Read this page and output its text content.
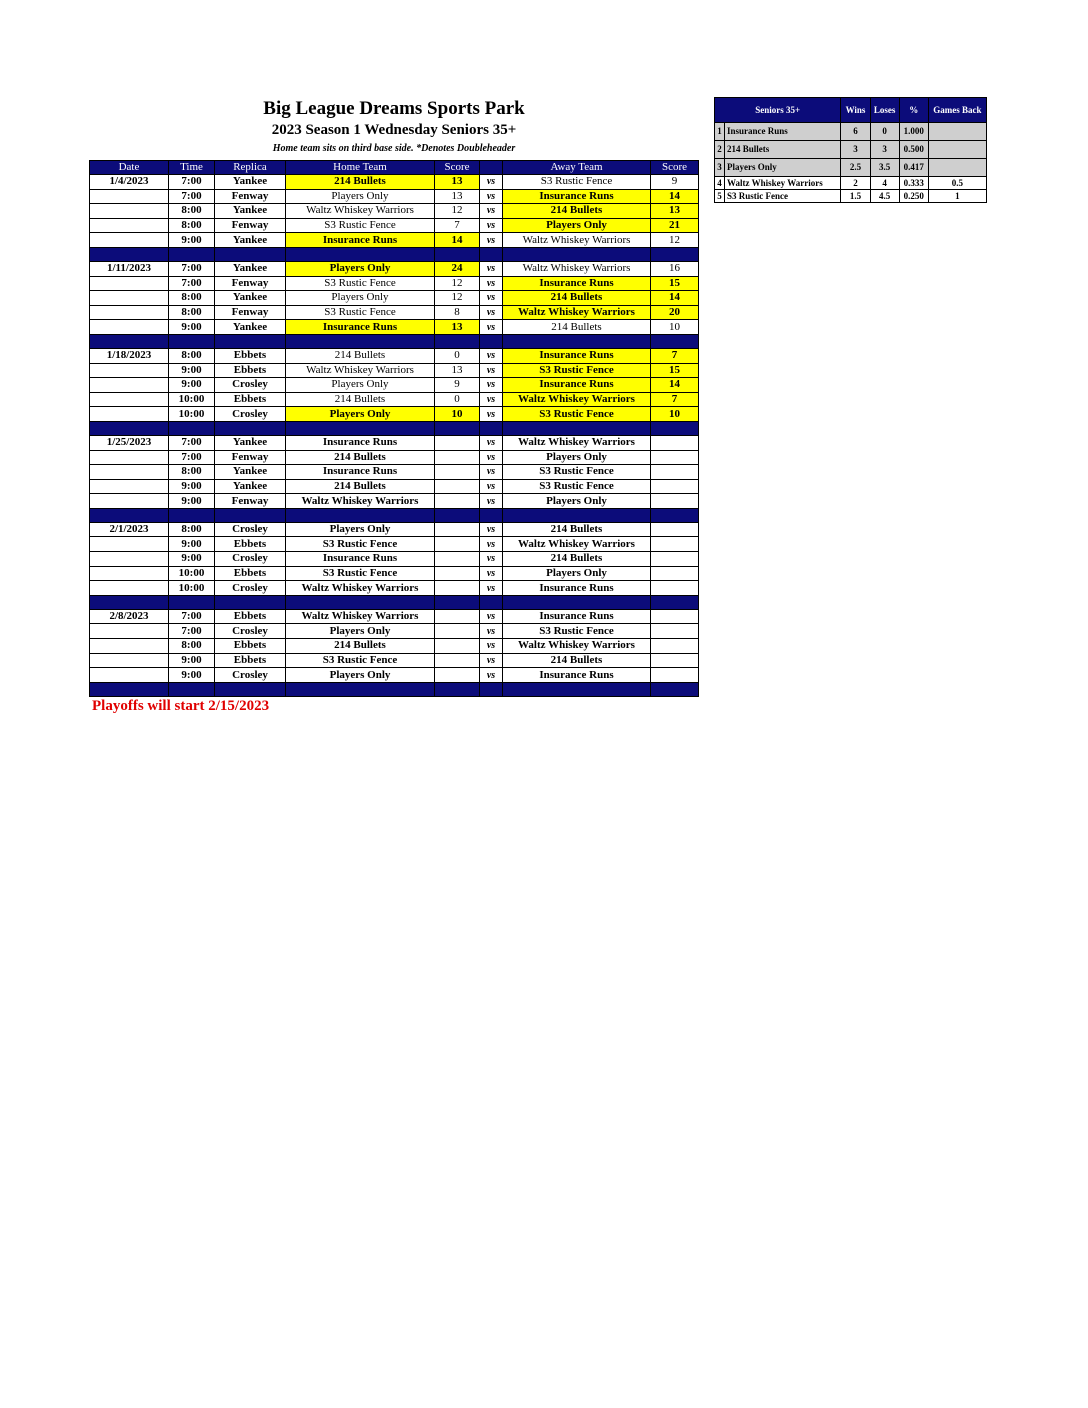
Big League Dreams Sports Park
2023 Season 1 Wednesday Seniors 35+
Home team sits on third base side. *Denotes Doubleheader
Date	Time	Replica	Home Team	Score		Away Team	Score
1/4/2023	7:00	Yankee	214 Bullets	13	vs	S3 Rustic Fence	9
	7:00	Fenway	Players Only	13	vs	Insurance Runs	14
	8:00	Yankee	Waltz Whiskey Warriors	12	vs	214 Bullets	13
	8:00	Fenway	S3 Rustic Fence	7	vs	Players Only	21
	9:00	Yankee	Insurance Runs	14	vs	Waltz Whiskey Warriors	12

1/11/2023	7:00	Yankee	Players Only	24	vs	Waltz Whiskey Warriors	16
	7:00	Fenway	S3 Rustic Fence	12	vs	Insurance Runs	15
	8:00	Yankee	Players Only	12	vs	214 Bullets	14
	8:00	Fenway	S3 Rustic Fence	8	vs	Waltz Whiskey Warriors	20
	9:00	Yankee	Insurance Runs	13	vs	214 Bullets	10

1/18/2023	8:00	Ebbets	214 Bullets	0	vs	Insurance Runs	7
	9:00	Ebbets	Waltz Whiskey Warriors	13	vs	S3 Rustic Fence	15
	9:00	Crosley	Players Only	9	vs	Insurance Runs	14
	10:00	Ebbets	214 Bullets	0	vs	Waltz Whiskey Warriors	7
	10:00	Crosley	Players Only	10	vs	S3 Rustic Fence	10

1/25/2023	7:00	Yankee	Insurance Runs		vs	Waltz Whiskey Warriors	
	7:00	Fenway	214 Bullets		vs	Players Only	
	8:00	Yankee	Insurance Runs		vs	S3 Rustic Fence	
	9:00	Yankee	214 Bullets		vs	S3 Rustic Fence	
	9:00	Fenway	Waltz Whiskey Warriors		vs	Players Only	

2/1/2023	8:00	Crosley	Players Only		vs	214 Bullets	
	9:00	Ebbets	S3 Rustic Fence		vs	Waltz Whiskey Warriors	
	9:00	Crosley	Insurance Runs		vs	214 Bullets	
	10:00	Ebbets	S3 Rustic Fence		vs	Players Only	
	10:00	Crosley	Waltz Whiskey Warriors		vs	Insurance Runs	

2/8/2023	7:00	Ebbets	Waltz Whiskey Warriors		vs	Insurance Runs	
	7:00	Crosley	Players Only		vs	S3 Rustic Fence	
	8:00	Ebbets	214 Bullets		vs	Waltz Whiskey Warriors	
	9:00	Ebbets	S3 Rustic Fence		vs	214 Bullets	
	9:00	Crosley	Players Only		vs	Insurance Runs	

Seniors 35+		Wins	Loses	%	Games Back
1	Insurance Runs	6	0	1.000	
2	214 Bullets	3	3	0.500	
3	Players Only	2.5	3.5	0.417	
4	Waltz Whiskey Warriors	2	4	0.333	0.5
5	S3 Rustic Fence	1.5	4.5	0.250	1
Playoffs will start 2/15/2023
